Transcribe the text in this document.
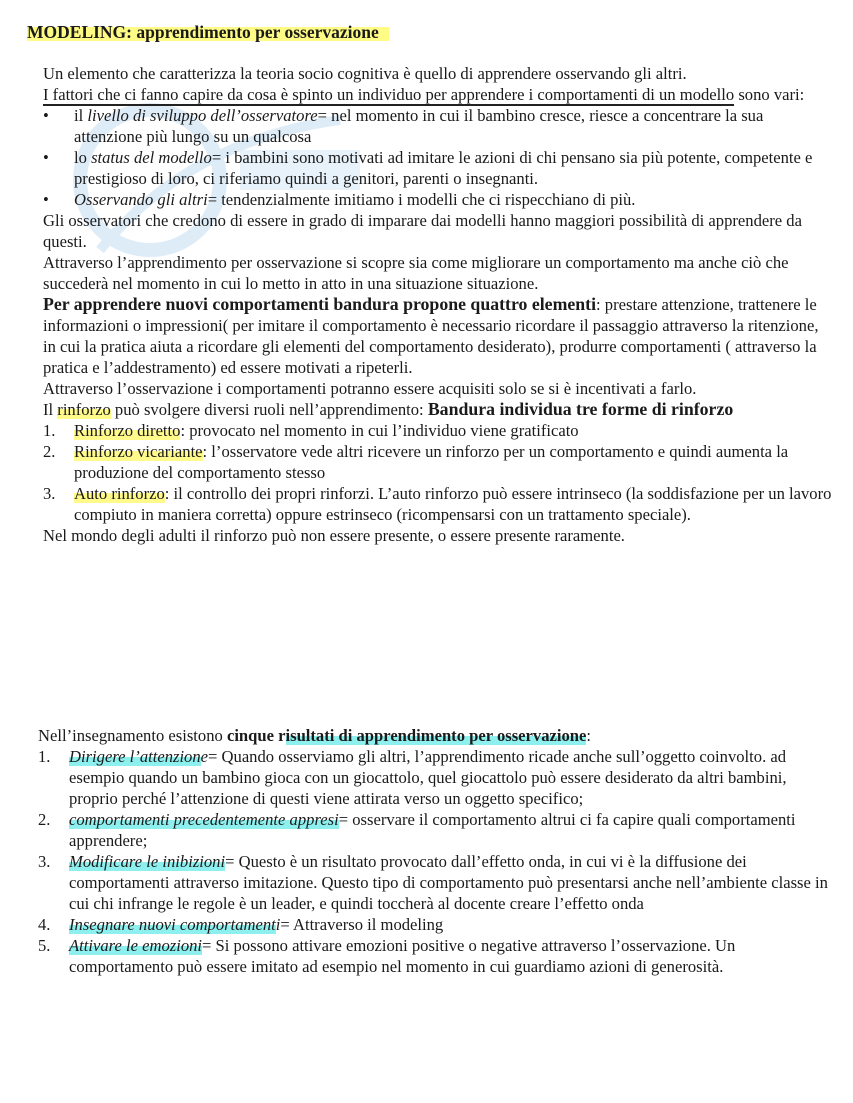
MODELING: apprendimento per osservazione

Un elemento che caratterizza la teoria socio cognitiva è quello di apprendere osservando gli altri.

I fattori che ci fanno capire da cosa è spinto un individuo per apprendere i comportamenti di un modello sono vari:

• il livello di sviluppo dell’osservatore= nel momento in cui il bambino cresce, riesce a concentrare la sua attenzione più lungo su un qualcosa
• lo status del modello= i bambini sono motivati ad imitare le azioni di chi pensano sia più potente, competente e prestigioso di loro, ci riferiamo quindi a genitori, parenti o insegnanti.
• Osservando gli altri= tendenzialmente imitiamo i modelli che ci rispecchiano di più.

Gli osservatori che credono di essere in grado di imparare dai modelli hanno maggiori possibilità di apprendere da questi.

Attraverso l’apprendimento per osservazione si scopre sia come migliorare un comportamento ma anche ciò che succederà nel momento in cui lo metto in atto in una situazione situazione.

Per apprendere nuovi comportamenti bandura propone quattro elementi: prestare attenzione, trattenere le informazioni o impressioni( per imitare il comportamento è necessario ricordare il passaggio attraverso la ritenzione, in cui la pratica aiuta a ricordare gli elementi del comportamento desiderato), produrre comportamenti ( attraverso la pratica e l’addestramento) ed essere motivati a ripeterli.

Attraverso l’osservazione i comportamenti potranno essere acquisiti solo se si è incentivati a farlo.

Il rinforzo può svolgere diversi ruoli nell’apprendimento: Bandura individua tre forme di rinforzo

1. Rinforzo diretto: provocato nel momento in cui l’individuo viene gratificato
2. Rinforzo vicariante: l’osservatore vede altri ricevere un rinforzo per un comportamento e quindi aumenta la produzione del comportamento stesso
3. Auto rinforzo: il controllo dei propri rinforzi. L’auto rinforzo può essere intrinseco (la soddisfazione per un lavoro compiuto in maniera corretta) oppure estrinseco (ricompensarsi con un trattamento speciale).

Nel mondo degli adulti il rinforzo può non essere presente, o essere presente raramente.

Nell’insegnamento esistono cinque risultati di apprendimento per osservazione:

1. Dirigere l’attenzione= Quando osserviamo gli altri, l’apprendimento ricade anche sull’oggetto coinvolto. ad esempio quando un bambino gioca con un giocattolo, quel giocattolo può essere desiderato da altri bambini, proprio perché l’attenzione di questi viene attirata verso un oggetto specifico;
2. comportamenti precedentemente appresi= osservare il comportamento altrui ci fa capire quali comportamenti apprendere;
3. Modificare le inibizioni= Questo è un risultato provocato dall’effetto onda, in cui vi è la diffusione dei comportamenti attraverso imitazione. Questo tipo di comportamento può presentarsi anche nell’ambiente classe in cui chi infrange le regole è un leader, e quindi toccherà al docente creare l’effetto onda
4. Insegnare nuovi comportamenti= Attraverso il modeling
5. Attivare le emozioni= Si possono attivare emozioni positive o negative attraverso l’osservazione. Un comportamento può essere imitato ad esempio nel momento in cui guardiamo azioni di generosità.
